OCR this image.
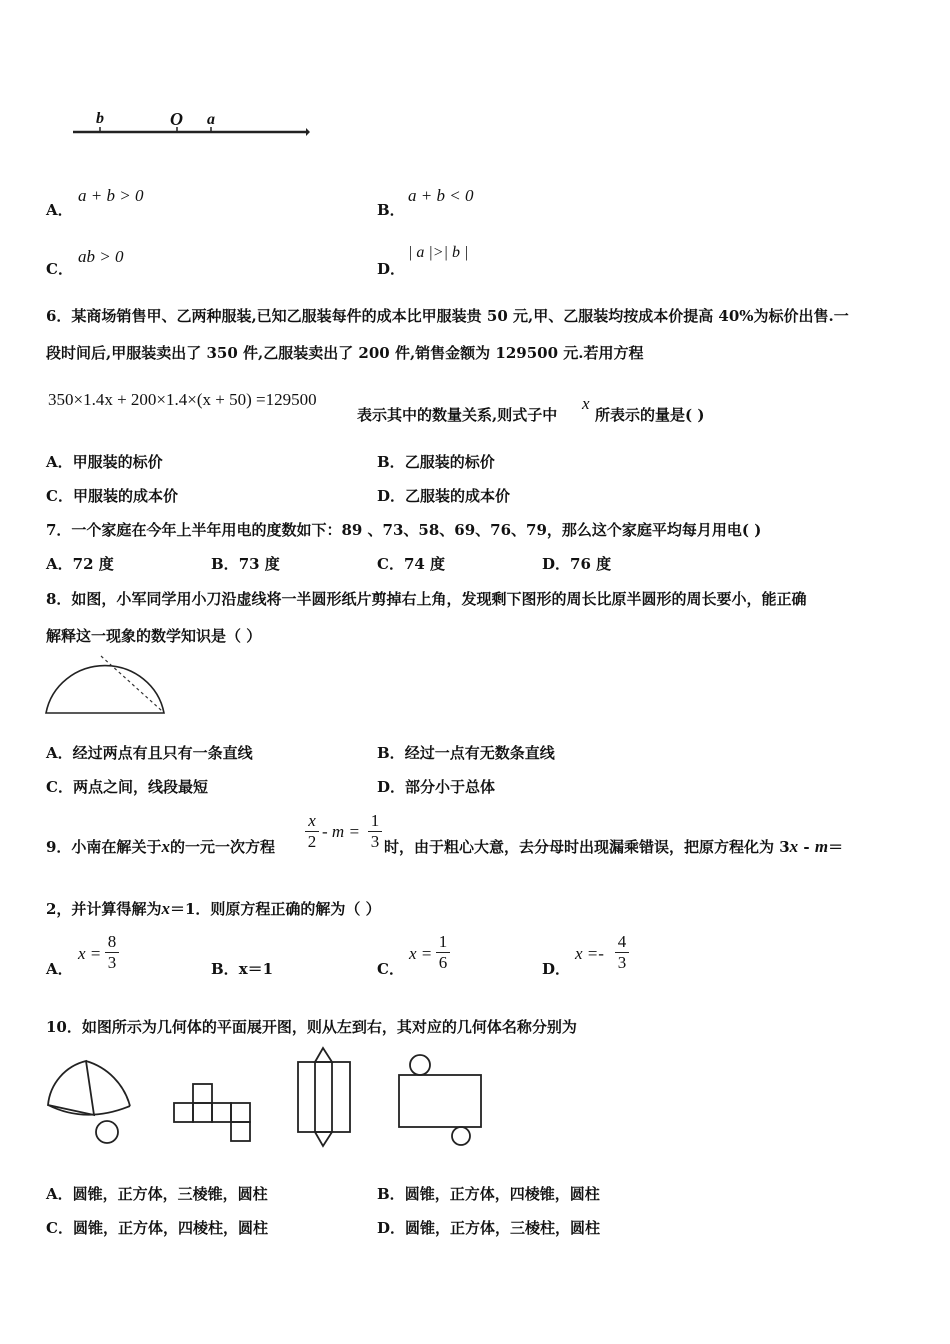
b	O a
A．
a + b > 0
B．
a + b < 0
C．
ab > 0
D．
| a |>| b |
6．某商场销售甲、乙两种服装,已知乙服装每件的成本比甲服装贵 50 元,甲、乙服装均按成本价提高 40%为标价出售.一
段时间后,甲服装卖出了 350 件,乙服装卖出了 200 件,销售金额为 129500 元.若用方程
350×1.4x + 200×1.4×(x + 50) =129500
表示其中的数量关系,则式子中
x
所表示的量是( )
A．甲服装的标价	B．乙服装的标价
C．甲服装的成本价	D．乙服装的成本价
7．一个家庭在今年上半年用电的度数如下：89 、73、58、69、76、79，那么这个家庭平均每月用电( )
A．72 度	B．73 度	C．74 度	D．76 度
8．如图，小军同学用小刀沿虚线将一半圆形纸片剪掉右上角，发现剩下图形的周长比原半圆形的周长要小，能正确
解释这一现象的数学知识是（ ）
A．经过两点有且只有一条直线	B．经过一点有无数条直线
C．两点之间，线段最短	D．部分小于总体
9．小南在解关于x的一元一次方程
x
2
- m =
1
3 时，由于粗心大意，去分母时出现漏乘错误，把原方程化为 3x - m＝
2，并计算得解为x＝1．则原方程正确的解为（ ）
A．
x =
8
3	B．x＝1	C．
x =
1
6	D．
x =-
4
3
10．如图所示为几何体的平面展开图，则从左到右，其对应的几何体名称分别为
A．圆锥，正方体，三棱锥，圆柱	B．圆锥，正方体，四棱锥，圆柱
C．圆锥，正方体，四棱柱，圆柱	D．圆锥，正方体，三棱柱，圆柱
